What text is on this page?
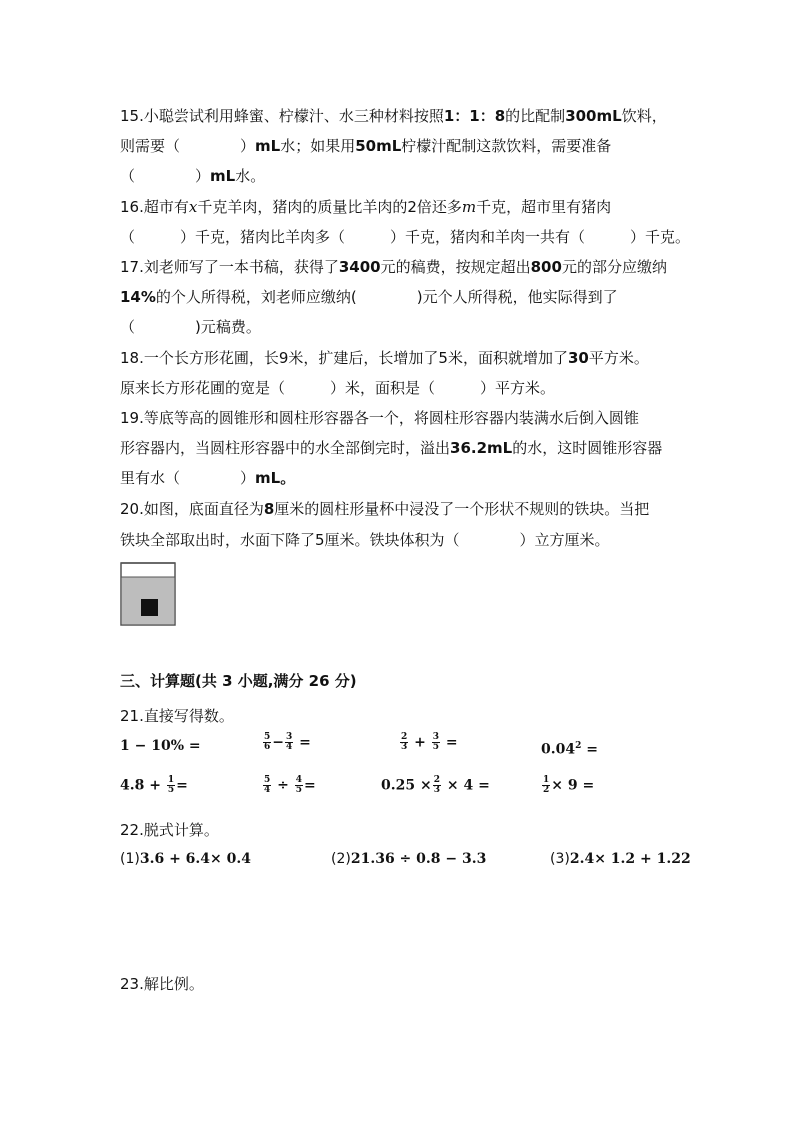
15.小聪尝试利用蜂蜜、柠檬汁、水三种材料按照1：1：8的比配制300mL饮料，
则需要（　　　　）mL水；如果用50mL柠檬汁配制这款饮料，需要准备
（　　　　）mL水。
16.超市有x千克羊肉，猪肉的质量比羊肉的2倍还多m千克，超市里有猪肉
（　　　）千克，猪肉比羊肉多（　　　）千克，猪肉和羊肉一共有（　　　）千克。
17.刘老师写了一本书稿，获得了3400元的稿费，按规定超出800元的部分应缴纳
14%的个人所得税，刘老师应缴纳(　　　　)元个人所得税，他实际得到了
（　　　　)元稿费。
18.一个长方形花圃，长9米，扩建后，长增加了5米，面积就增加了30平方米。
原来长方形花圃的宽是（　　　）米，面积是（　　　）平方米。
19.等底等高的圆锥形和圆柱形容器各一个，将圆柱形容器内装满水后倒入圆锥
形容器内，当圆柱形容器中的水全部倒完时，溢出36.2mL的水，这时圆锥形容器
里有水（　　　　）mL。
20.如图，底面直径为8厘米的圆柱形量杯中浸没了一个形状不规则的铁块。当把
铁块全部取出时，水面下降了5厘米。铁块体积为（　　　　）立方厘米。
三、计算题(共 3 小题,满分 26 分)
21.直接写得数。
1 − 10% =	$\frac{5}{6} - \frac{3}{4}$ =	$\frac{2}{3} + \frac{3}{5}$ =	$0.04^2$ =
$4.8 + \frac{1}{5}$ =	$\frac{5}{4} \div \frac{4}{5}$ =	$0.25 \times \frac{2}{3} \times 4$ =	$\frac{1}{2} \times 9$ =
22.脱式计算。
(1)3.6 + 6.4× 0.4	(2)21.36 ÷ 0.8 − 3.3	(3)2.4× 1.2 + 1.22
23.解比例。
